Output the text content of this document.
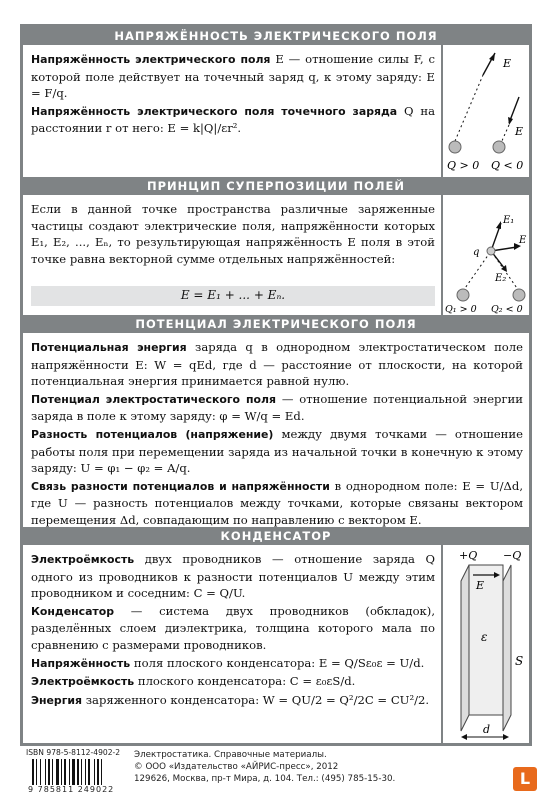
НАПРЯЖЁННОСТЬ ЭЛЕКТРИЧЕСКОГО ПОЛЯ

Напряжённость электрического поля E — отношение силы F, с которой поле действует на точечный заряд q, к этому заряду: E = F/q.

Напряжённость электрического поля точечного заряда Q на расстоянии r от него: E = k|Q|/εr².

E
E
Q > 0 Q < 0
ПРИНЦИП СУПЕРПОЗИЦИИ ПОЛЕЙ
Если в данной точке пространства различные заряженные частицы создают электрические поля, напряжённости которых E₁, E₂, ..., Eₙ, то результирующая напряжённость E поля в этой точке равна векторной сумме отдельных напряжённостей:
E = E₁ + ... + Eₙ.
E₁
E
q
E₂
Q₁ > 0 Q₂ < 0
ПОТЕНЦИАЛ ЭЛЕКТРИЧЕСКОГО ПОЛЯ

Потенциальная энергия заряда q в однородном электростатическом поле напряжённости E: W = qEd, где d — расстояние от плоскости, на которой потенциальная энергия принимается равной нулю.

Потенциал электростатического поля — отношение потенциальной энергии заряда в поле к этому заряду: φ = W/q = Ed.

Разность потенциалов (напряжение) между двумя точками — отношение работы поля при перемещении заряда из начальной точки в конечную к этому заряду: U = φ₁ − φ₂ = A/q.

Связь разности потенциалов и напряжённости в однородном поле: E = U/Δd, где U — разность потенциалов между точками, которые связаны вектором перемещения Δd, совпадающим по направлению с вектором E.

КОНДЕНСАТОР

Электроёмкость двух проводников — отношение заряда Q одного из проводников к разности потенциалов U между этим проводником и соседним: C = Q/U.

Конденсатор — система двух проводников (обкладок), разделённых слоем диэлектрика, толщина которого мала по сравнению с размерами проводников.

Напряжённость поля плоского конденсатора: E = Q/Sε₀ε = U/d.

Электроёмкость плоского конденсатора: C = ε₀εS/d.

Энергия заряженного конденсатора: W = QU/2 = Q²/2C = CU²/2.

+Q −Q
E
ε
S
d
ISBN 978-5-8112-4902-2
9 785811 249022
Электростатика. Справочные материалы.
© ООО «Издательство «АЙРИС-пресс», 2012
129626, Москва, пр-т Мира, д. 104. Тел.: (495) 785-15-30.	L
